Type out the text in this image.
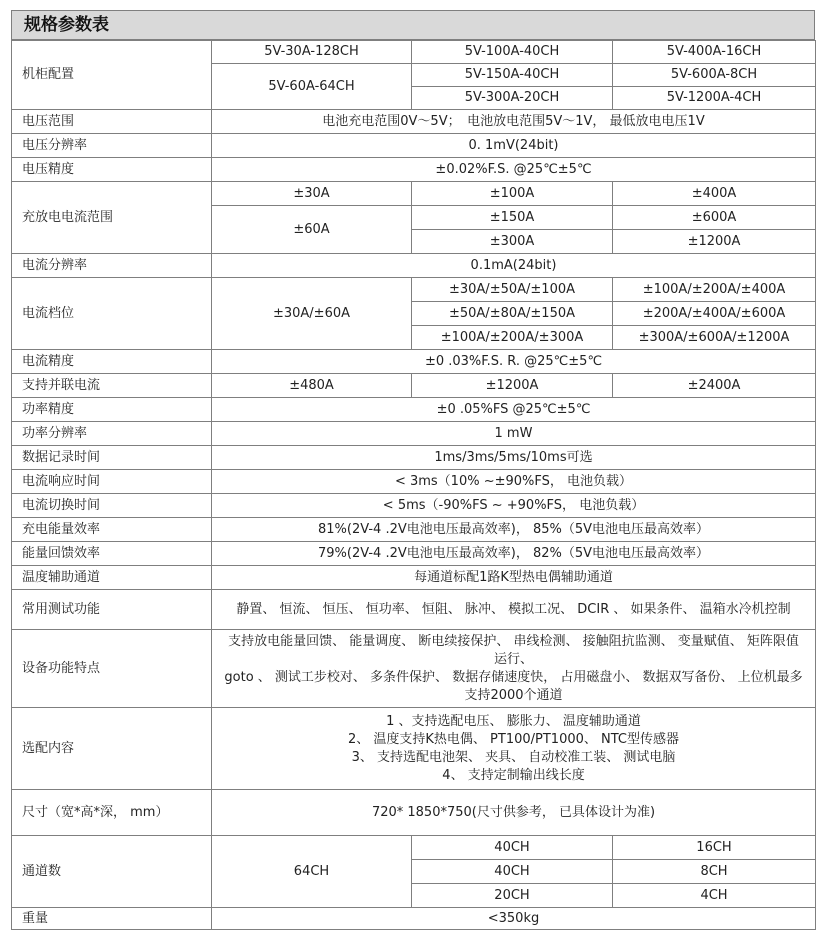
规格参数表
机柜配置	5V-30A-128CH	5V-100A-40CH	5V-400A-16CH
	5V-60A-64CH	5V-150A-40CH	5V-600A-8CH
		5V-300A-20CH	5V-1200A-4CH
电压范围	电池充电范围0V～5V；　电池放电范围5V～1V， 最低放电电压1V		
电压分辨率	0. 1mV(24bit)		
电压精度	±0.02%F.S. @25℃±5℃		
充放电电流范围	±30A	±100A	±400A
	±60A	±150A	±600A
		±300A	±1200A
电流分辨率	0.1mA(24bit)		
电流档位	±30A/±60A	±30A/±50A/±100A	±100A/±200A/±400A
		±50A/±80A/±150A	±200A/±400A/±600A
		±100A/±200A/±300A	±300A/±600A/±1200A
电流精度	±0 .03%F.S. R. @25℃±5℃		
支持并联电流	±480A	±1200A	±2400A
功率精度	±0 .05%FS @25℃±5℃		
功率分辨率	1 mW		
数据记录时间	1ms/3ms/5ms/10ms可选		
电流响应时间	< 3ms（10% ~±90%FS， 电池负载）		
电流切换时间	< 5ms（-90%FS ~ +90%FS， 电池负载）		
充电能量效率	81%(2V-4 .2V电池电压最高效率)， 85%（5V电池电压最高效率）		
能量回馈效率	79%(2V-4 .2V电池电压最高效率)， 82%（5V电池电压最高效率）		
温度辅助通道	每通道标配1路K型热电偶辅助通道		
常用测试功能	静置、 恒流、 恒压、 恒功率、 恒阻、 脉冲、 模拟工况、 DCIR 、 如果条件、 温箱水冷机控制		
设备功能特点	支持放电能量回馈、 能量调度、 断电续接保护、 串线检测、 接触阻抗监测、 变量赋值、 矩阵限值
运行、
goto 、 测试工步校对、 多条件保护、 数据存储速度快， 占用磁盘小、 数据双写备份、 上位机最多
支持2000个通道		

选配内容	1 、支持选配电压、 膨胀力、 温度辅助通道
2、 温度支持K热电偶、 PT100/PT1000、 NTC型传感器
3、 支持选配电池架、 夹具、 自动校准工装、 测试电脑
4、 支持定制输出线长度		

尺寸（宽*高*深， mm）	720* 1850*750(尺寸供参考， 已具体设计为准)		
通道数	64CH	40CH	16CH
		40CH	8CH
		20CH	4CH
重量	<350kg		
